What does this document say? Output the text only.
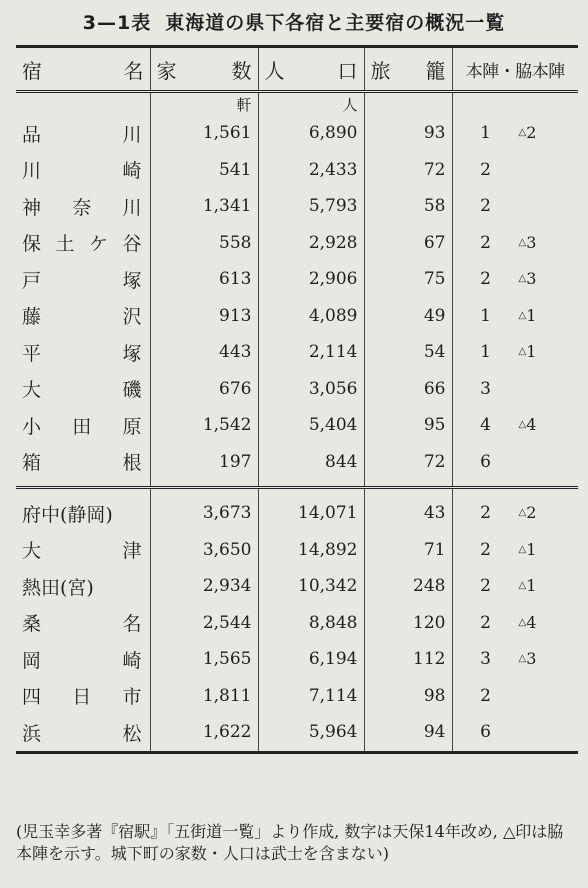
3—1表 東海道の県下各宿と主要宿の概況一覧
宿 名	家 数	人 口	旅 籠	本陣・脇本陣
	軒	人		

品 川	1,561	6,890	93	1 △2

川 崎	541	2,433	72	2

神 奈 川	1,341	5,793	58	2

保 土 ケ 谷	558	2,928	67	2 △3

戸 塚	613	2,906	75	2 △3

藤 沢	913	4,089	49	1 △1

平 塚	443	2,114	54	1 △1

大 磯	676	3,056	66	3

小 田 原	1,542	5,404	95	4 △4

箱 根	197	844	72	6
府中(静岡)	3,673	14,071	43	2 △2

大 津	3,650	14,892	71	2 △1
熱田(宮)	2,934	10,342	248	2 △1

桑 名	2,544	8,848	120	2 △4

岡 崎	1,565	6,194	112	3 △3

四 日 市	1,811	7,114	98	2

浜 松	1,622	5,964	94	6
(児玉幸多著『宿駅』「五街道一覧」より作成, 数字は天保14年改め, △印は脇本陣を示す。城下町の家数・人口は武士を含まない)
